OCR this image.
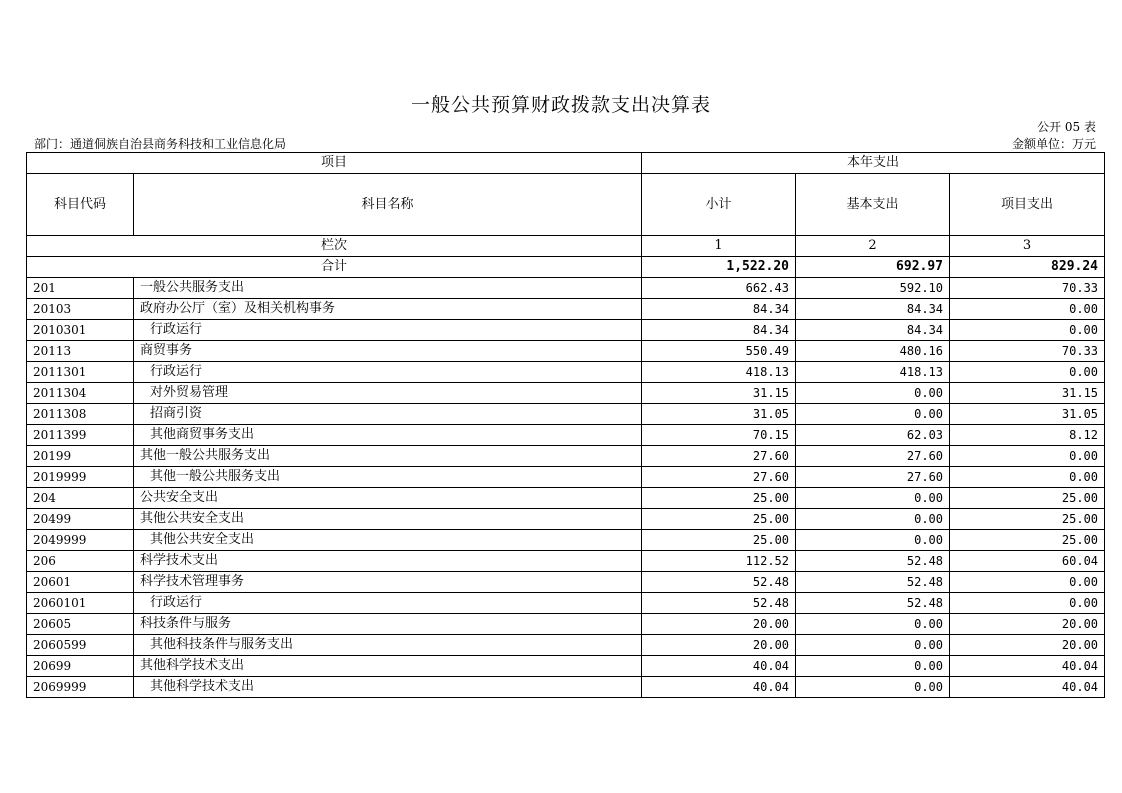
一般公共预算财政拨款支出决算表
公开 05 表
部门：通道侗族自治县商务科技和工业信息化局	金额单位：万元
项目		本年支出		
科目代码	科目名称	小计	基本支出	项目支出
栏次		1	2	3
合计		1,522.20	692.97	829.24
201	一般公共服务支出	662.43	592.10	70.33
20103	政府办公厅（室）及相关机构事务	84.34	84.34	0.00
2010301	行政运行	84.34	84.34	0.00
20113	商贸事务	550.49	480.16	70.33
2011301	行政运行	418.13	418.13	0.00
2011304	对外贸易管理	31.15	0.00	31.15
2011308	招商引资	31.05	0.00	31.05
2011399	其他商贸事务支出	70.15	62.03	8.12
20199	其他一般公共服务支出	27.60	27.60	0.00
2019999	其他一般公共服务支出	27.60	27.60	0.00
204	公共安全支出	25.00	0.00	25.00
20499	其他公共安全支出	25.00	0.00	25.00
2049999	其他公共安全支出	25.00	0.00	25.00
206	科学技术支出	112.52	52.48	60.04
20601	科学技术管理事务	52.48	52.48	0.00
2060101	行政运行	52.48	52.48	0.00
20605	科技条件与服务	20.00	0.00	20.00
2060599	其他科技条件与服务支出	20.00	0.00	20.00
20699	其他科学技术支出	40.04	0.00	40.04
2069999	其他科学技术支出	40.04	0.00	40.04
